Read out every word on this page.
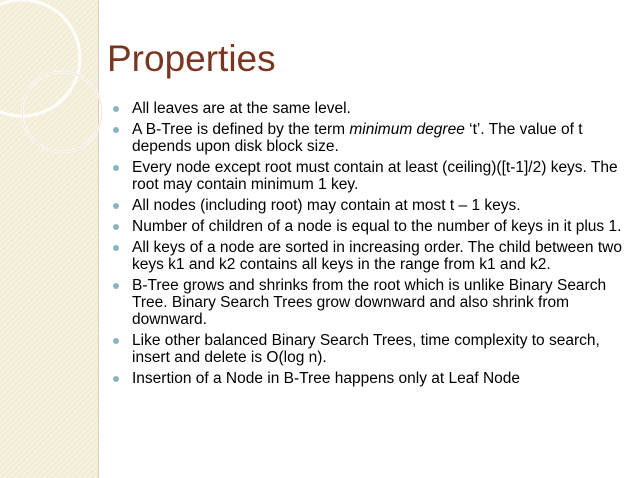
Properties
All leaves are at the same level.
A B-Tree is defined by the term minimum degree ‘t’. The value of t depends upon disk block size.
Every node except root must contain at least (ceiling)([t-1]/2) keys. The root may contain minimum 1 key.
All nodes (including root) may contain at most t – 1 keys.
Number of children of a node is equal to the number of keys in it plus 1.
All keys of a node are sorted in increasing order. The child between two keys k1 and k2 contains all keys in the range from k1 and k2.
B-Tree grows and shrinks from the root which is unlike Binary Search Tree. Binary Search Trees grow downward and also shrink from downward.
Like other balanced Binary Search Trees, time complexity to search, insert and delete is O(log n).
Insertion of a Node in B-Tree happens only at Leaf Node
